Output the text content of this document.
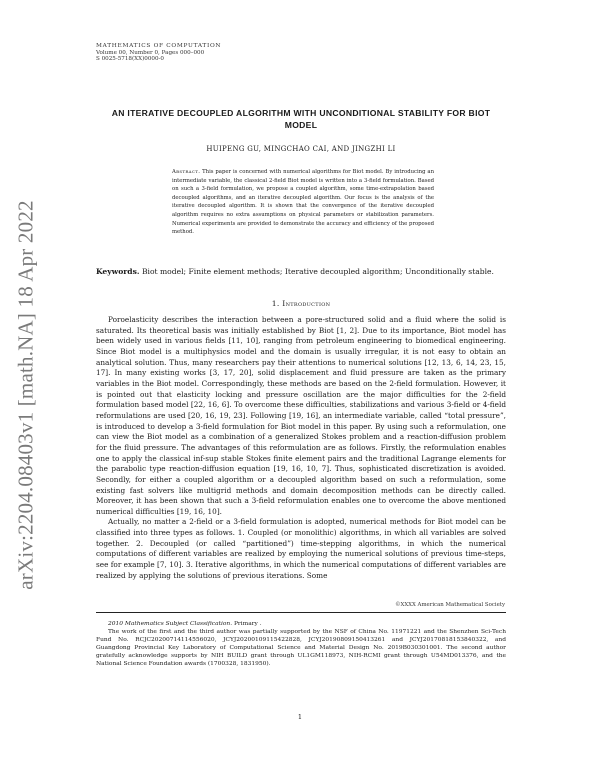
arXiv:2204.08403v1 [math.NA] 18 Apr 2022
MATHEMATICS OF COMPUTATION
Volume 00, Number 0, Pages 000–000
S 0025-5718(XX)0000-0
AN ITERATIVE DECOUPLED ALGORITHM WITH UNCONDITIONAL STABILITY FOR BIOT MODEL
HUIPENG GU, MINGCHAO CAI, AND JINGZHI LI
Abstract. This paper is concerned with numerical algorithms for Biot model. By introducing an intermediate variable, the classical 2-field Biot model is written into a 3-field formulation. Based on such a 3-field formulation, we propose a coupled algorithm, some time-extrapolation based decoupled algorithms, and an iterative decoupled algorithm. Our focus is the analysis of the iterative decoupled algorithm. It is shown that the convergence of the iterative decoupled algorithm requires no extra assumptions on physical parameters or stabilization parameters. Numerical experiments are provided to demonstrate the accuracy and efficiency of the proposed method.
Keywords. Biot model; Finite element methods; Iterative decoupled algorithm; Unconditionally stable.
1. Introduction

Poroelasticity describes the interaction between a pore-structured solid and a fluid where the solid is saturated. Its theoretical basis was initially established by Biot [1, 2]. Due to its importance, Biot model has been widely used in various fields [11, 10], ranging from petroleum engineering to biomedical engineering. Since Biot model is a multiphysics model and the domain is usually irregular, it is not easy to obtain an analytical solution. Thus, many researchers pay their attentions to numerical solutions [12, 13, 6, 14, 23, 15, 17]. In many existing works [3, 17, 20], solid displacement and fluid pressure are taken as the primary variables in the Biot model. Correspondingly, these methods are based on the 2-field formulation. However, it is pointed out that elasticity locking and pressure oscillation are the major difficulties for the 2-field formulation based model [22, 16, 6]. To overcome these difficulties, stabilizations and various 3-field or 4-field reformulations are used [20, 16, 19, 23]. Following [19, 16], an intermediate variable, called “total pressure”, is introduced to develop a 3-field formulation for Biot model in this paper. By using such a reformulation, one can view the Biot model as a combination of a generalized Stokes problem and a reaction-diffusion problem for the fluid pressure. The advantages of this reformulation are as follows. Firstly, the reformulation enables one to apply the classical inf-sup stable Stokes finite element pairs and the traditional Lagrange elements for the parabolic type reaction-diffusion equation [19, 16, 10, 7]. Thus, sophisticated discretization is avoided. Secondly, for either a coupled algorithm or a decoupled algorithm based on such a reformulation, some existing fast solvers like multigrid methods and domain decomposition methods can be directly called. Moreover, it has been shown that such a 3-field reformulation enables one to overcome the above mentioned numerical difficulties [19, 16, 10].

Actually, no matter a 2-field or a 3-field formulation is adopted, numerical methods for Biot model can be classified into three types as follows. 1. Coupled (or monolithic) algorithms, in which all variables are solved together. 2. Decoupled (or called “partitioned”) time-stepping algorithms, in which the numerical computations of different variables are realized by employing the numerical solutions of previous time-steps, see for example [7, 10]. 3. Iterative algorithms, in which the numerical computations of different variables are realized by applying the solutions of previous iterations. Some

©XXXX American Mathematical Society

2010 Mathematics Subject Classification. Primary .

The work of the first and the third author was partially supported by the NSF of China No. 11971221 and the Shenzhen Sci-Tech Fund No. RCJC20200714114556020, JCYJ20200109115422828, JCYJ20190809150413261 and JCYJ20170818153840322, and Guangdong Provincial Key Laboratory of Computational Science and Material Design No. 2019B030301001. The second author gratefully acknowledge supports by NIH BUILD grant through UL1GM118973, NIH-RCMI grant through U54MD013376, and the National Science Foundation awards (1700328, 1831950).

1
